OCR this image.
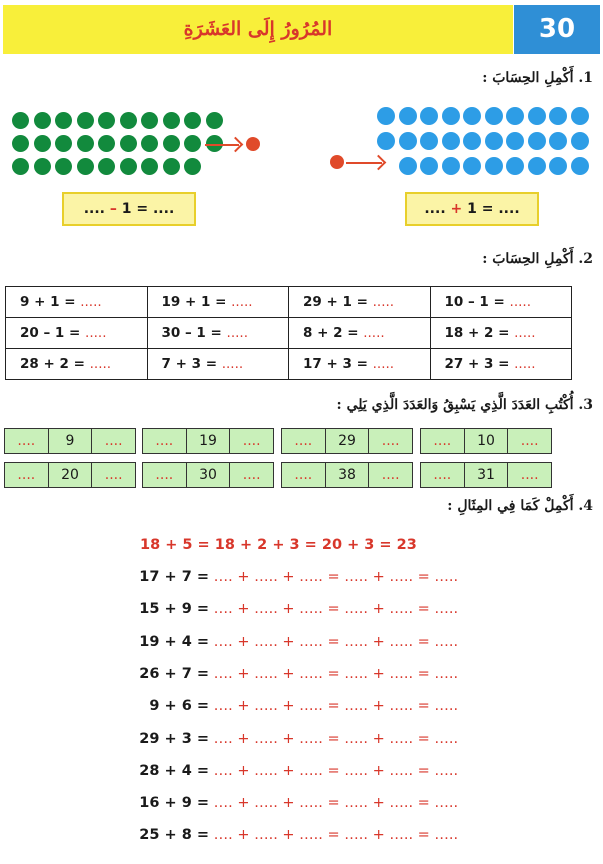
المُرُورُ إِلَى العَشَرَةِ	30
1. أَكْمِلِ الحِسَابَ :
.... – 1 = ....	.... + 1 = ....
2. أَكْمِلِ الحِسَابَ :
9 + 1 = .....	19 + 1 = .....	29 + 1 = .....	10 – 1 = .....
20 – 1 = .....	30 – 1 = .....	8 + 2 = .....	18 + 2 = .....
28 + 2 = .....	7 + 3 = .....	17 + 3 = .....	27 + 3 = .....
3. أُكْتُبِ العَدَدَ الَّذِي يَسْبِقُ وَالعَدَدَ الَّذِي يَلِي :
....	9	....	....	19	....	....	29	....	....	10	....
....	20	....	....	30	....	....	38	....	....	31	....
4. أَكْمِلْ كَمَا فِي المِثَالِ :
18 + 5 = 18 + 2 + 3 = 20 + 3 = 23
17 + 7 = …. + ….. + ….. = ….. + ….. = …..
15 + 9 = …. + ….. + ….. = ….. + ….. = …..
19 + 4 = …. + ….. + ….. = ….. + ….. = …..
26 + 7 = …. + ….. + ….. = ….. + ….. = …..
9 + 6 = …. + ….. + ….. = ….. + ….. = …..
29 + 3 = …. + ….. + ….. = ….. + ….. = …..
28 + 4 = …. + ….. + ….. = ….. + ….. = …..
16 + 9 = …. + ….. + ….. = ….. + ….. = …..
25 + 8 = …. + ….. + ….. = ….. + ….. = …..
